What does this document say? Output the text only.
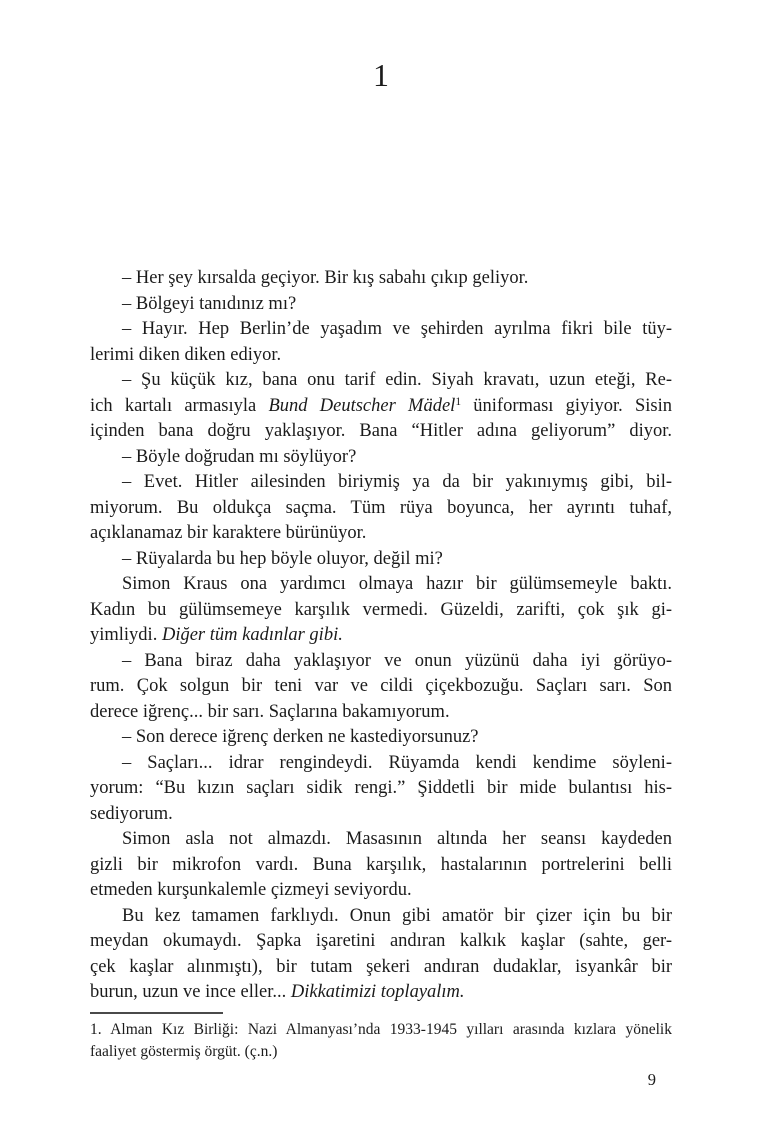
1
– Her şey kırsalda geçiyor. Bir kış sabahı çıkıp geliyor.
– Bölgeyi tanıdınız mı?
– Hayır. Hep Berlin’de yaşadım ve şehirden ayrılma fikri bile tüy-
lerimi diken diken ediyor.
– Şu küçük kız, bana onu tarif edin. Siyah kravatı, uzun eteği, Re-
ich kartalı armasıyla Bund Deutscher Mädel$^1$ üniforması giyiyor. Sisin
içinden bana doğru yaklaşıyor. Bana “Hitler adına geliyorum” diyor.
– Böyle doğrudan mı söylüyor?
– Evet. Hitler ailesinden biriymiş ya da bir yakınıymış gibi, bil-
miyorum. Bu oldukça saçma. Tüm rüya boyunca, her ayrıntı tuhaf,
açıklanamaz bir karaktere bürünüyor.
– Rüyalarda bu hep böyle oluyor, değil mi?
Simon Kraus ona yardımcı olmaya hazır bir gülümsemeyle baktı.
Kadın bu gülümsemeye karşılık vermedi. Güzeldi, zarifti, çok şık gi-
yimliydi. Diğer tüm kadınlar gibi.
– Bana biraz daha yaklaşıyor ve onun yüzünü daha iyi görüyo-
rum. Çok solgun bir teni var ve cildi çiçekbozuğu. Saçları sarı. Son
derece iğrenç... bir sarı. Saçlarına bakamıyorum.
– Son derece iğrenç derken ne kastediyorsunuz?
– Saçları... idrar rengindeydi. Rüyamda kendi kendime söyleni-
yorum: “Bu kızın saçları sidik rengi.” Şiddetli bir mide bulantısı his-
sediyorum.
Simon asla not almazdı. Masasının altında her seansı kaydeden
gizli bir mikrofon vardı. Buna karşılık, hastalarının portrelerini belli
etmeden kurşunkalemle çizmeyi seviyordu.
Bu kez tamamen farklıydı. Onun gibi amatör bir çizer için bu bir
meydan okumaydı. Şapka işaretini andıran kalkık kaşlar (sahte, ger-
çek kaşlar alınmıştı), bir tutam şekeri andıran dudaklar, isyankâr bir
burun, uzun ve ince eller... Dikkatimizi toplayalım.
1. Alman Kız Birliği: Nazi Almanyası’nda 1933-1945 yılları arasında kızlara yönelik
faaliyet göstermiş örgüt. (ç.n.)
9
